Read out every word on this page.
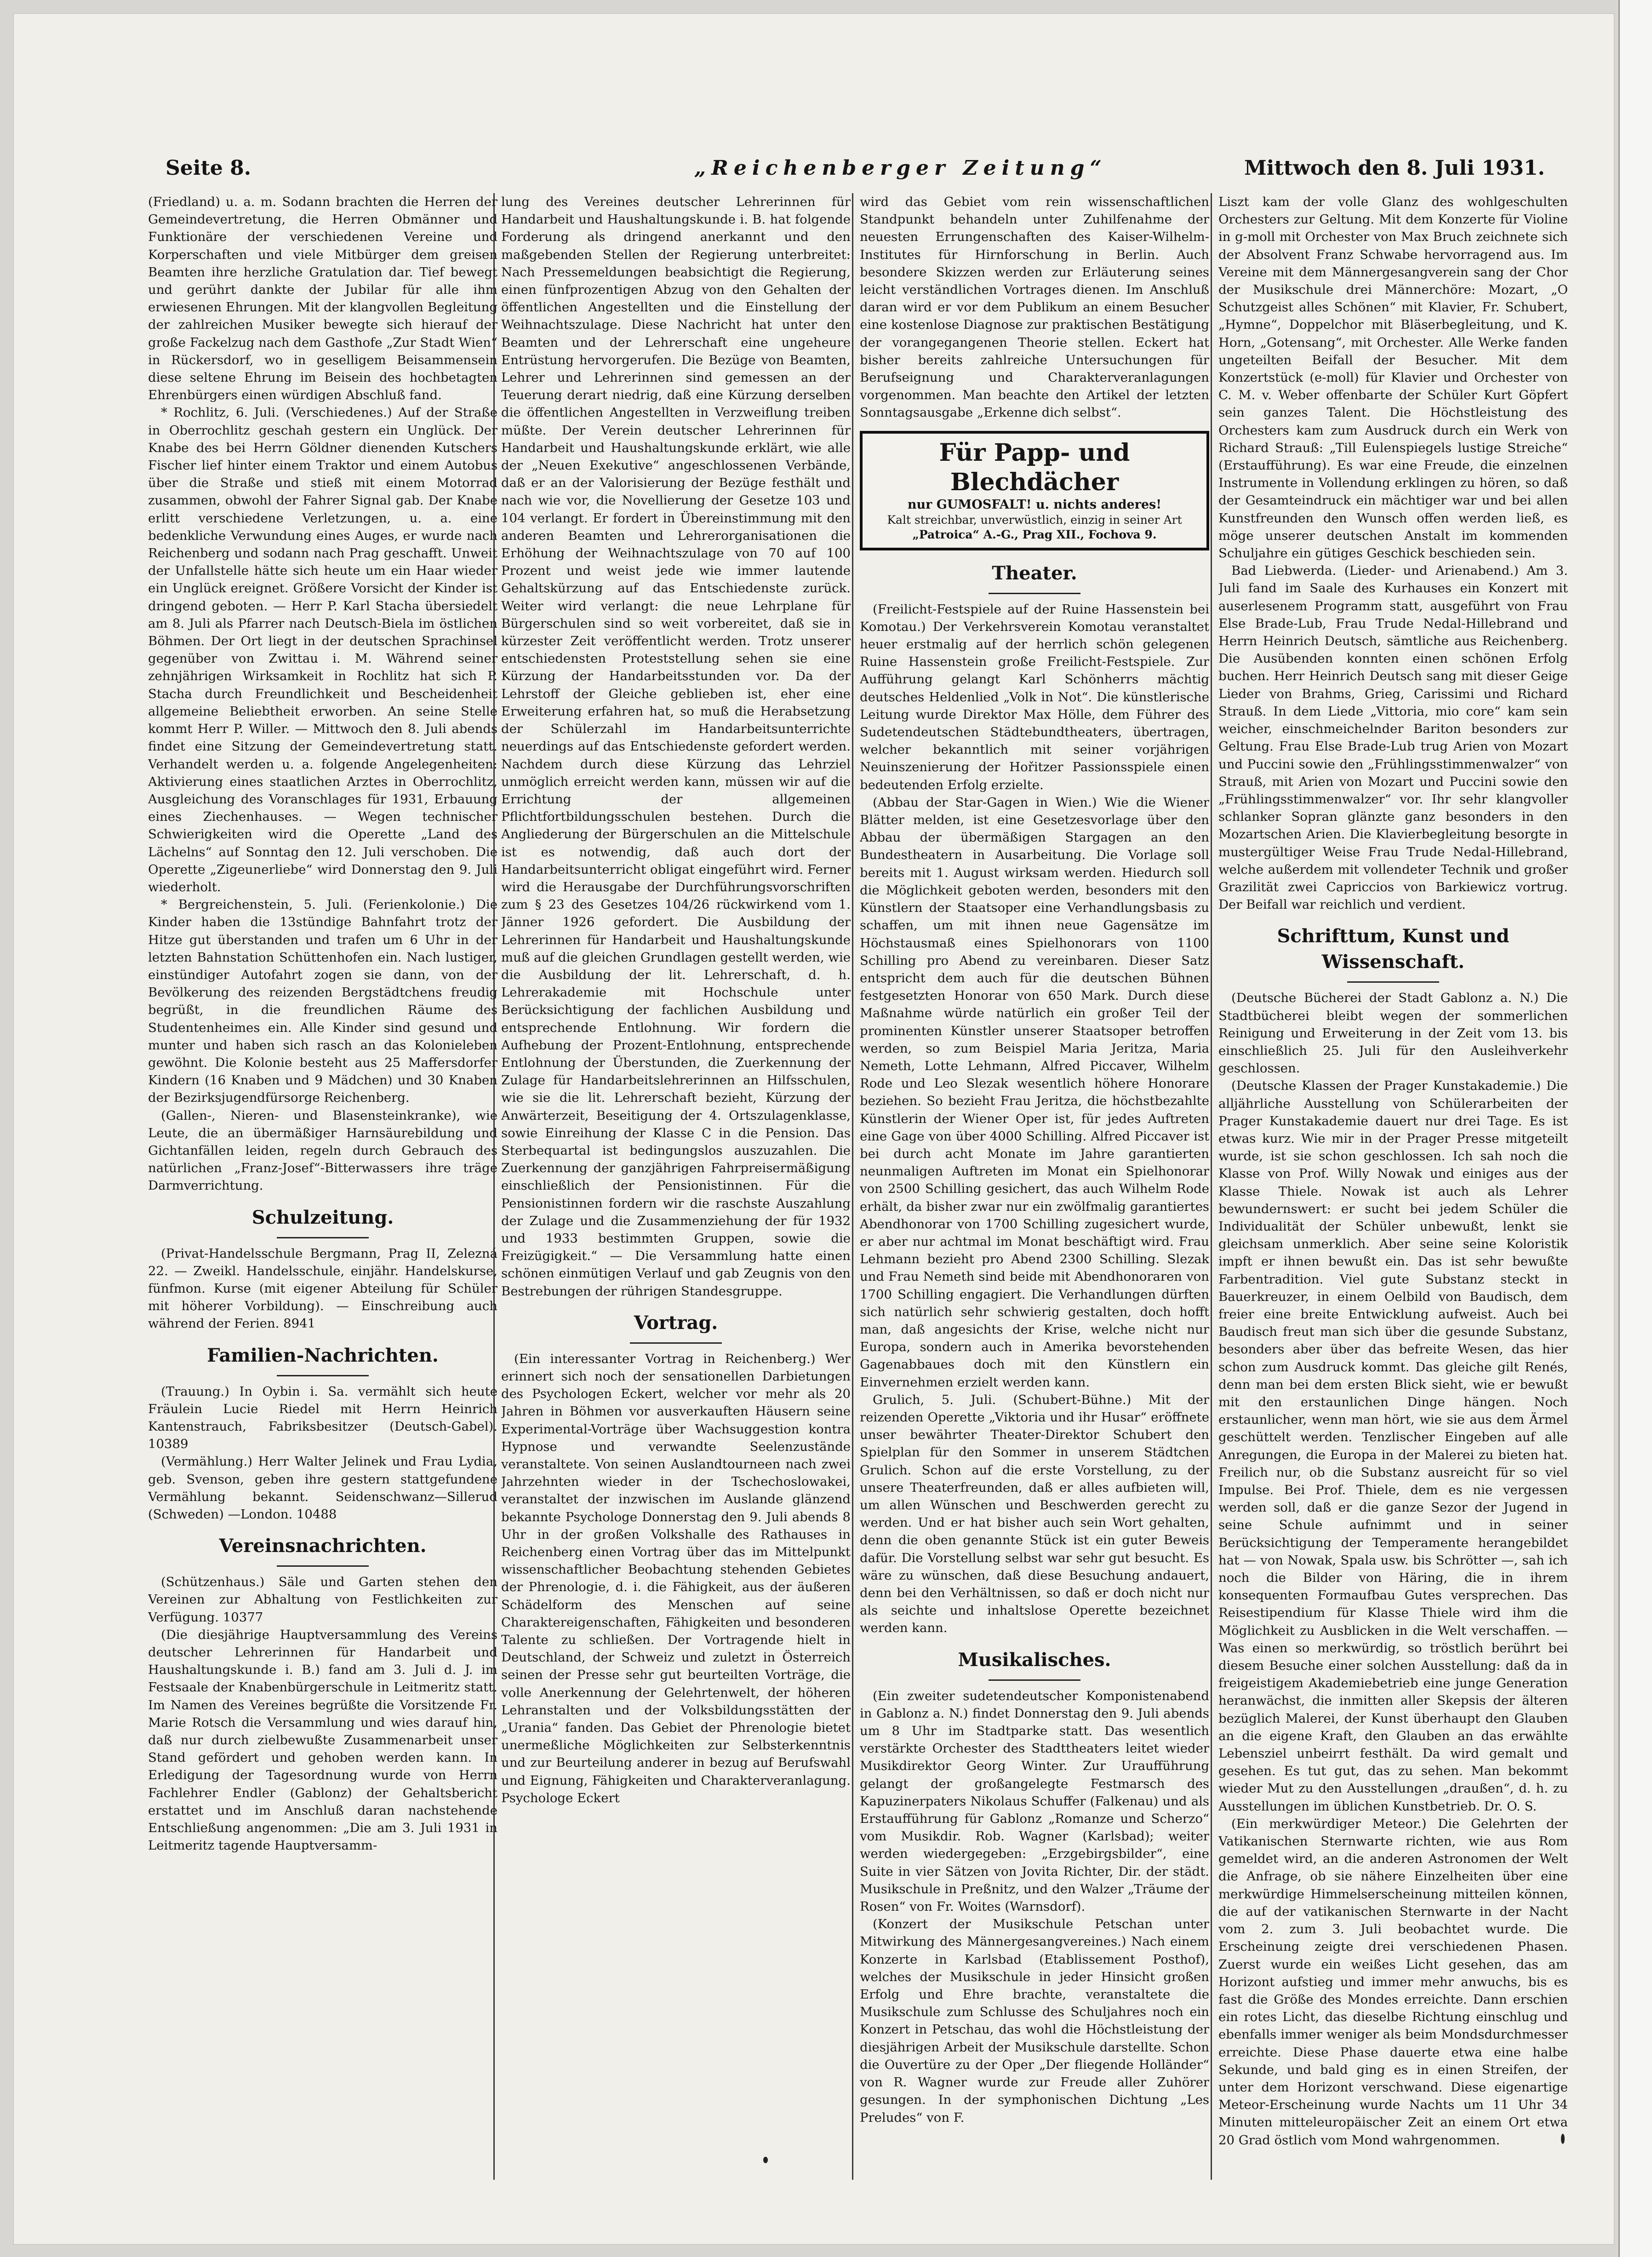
Seite 8.	„Reichenberger Zeitung“	Mittwoch den 8. Juli 1931.

(Friedland) u. a. m. Sodann brachten die Herren der Gemeindevertretung, die Herren Obmänner und Funktionäre der verschiedenen Vereine und Korperschaften und viele Mitbürger dem greisen Beamten ihre herzliche Gratulation dar. Tief bewegt und gerührt dankte der Jubilar für alle ihm erwiesenen Ehrungen. Mit der klangvollen Begleitung der zahlreichen Musiker bewegte sich hierauf der große Fackelzug nach dem Gasthofe „Zur Stadt Wien“ in Rückersdorf, wo in geselligem Beisammensein diese seltene Ehrung im Beisein des hochbetagten Ehrenbürgers einen würdigen Abschluß fand.

* Rochlitz, 6. Juli. (Verschiedenes.) Auf der Straße in Oberrochlitz geschah gestern ein Unglück. Der Knabe des bei Herrn Göldner dienenden Kutschers Fischer lief hinter einem Traktor und einem Autobus über die Straße und stieß mit einem Motorrad zusammen, obwohl der Fahrer Signal gab. Der Knabe erlitt verschiedene Verletzungen, u. a. eine bedenkliche Verwundung eines Auges, er wurde nach Reichenberg und sodann nach Prag geschafft. Unweit der Unfallstelle hätte sich heute um ein Haar wieder ein Unglück ereignet. Größere Vorsicht der Kinder ist dringend geboten. — Herr P. Karl Stacha übersiedelt am 8. Juli als Pfarrer nach Deutsch-Biela im östlichen Böhmen. Der Ort liegt in der deutschen Sprachinsel gegenüber von Zwittau i. M. Während seiner zehnjährigen Wirksamkeit in Rochlitz hat sich P. Stacha durch Freundlichkeit und Bescheidenheit allgemeine Beliebtheit erworben. An seine Stelle kommt Herr P. Willer. — Mittwoch den 8. Juli abends findet eine Sitzung der Gemeindevertretung statt. Verhandelt werden u. a. folgende Angelegenheiten: Aktivierung eines staatlichen Arztes in Oberrochlitz, Ausgleichung des Voranschlages für 1931, Erbauung eines Ziechenhauses. — Wegen technischer Schwierigkeiten wird die Operette „Land des Lächelns“ auf Sonntag den 12. Juli verschoben. Die Operette „Zigeunerliebe“ wird Donnerstag den 9. Juli wiederholt.

* Bergreichenstein, 5. Juli. (Ferienkolonie.) Die Kinder haben die 13stündige Bahnfahrt trotz der Hitze gut überstanden und trafen um 6 Uhr in der letzten Bahnstation Schüttenhofen ein. Nach lustiger, einstündiger Autofahrt zogen sie dann, von der Bevölkerung des reizenden Bergstädtchens freudig begrüßt, in die freundlichen Räume des Studentenheimes ein. Alle Kinder sind gesund und munter und haben sich rasch an das Kolonieleben gewöhnt. Die Kolonie besteht aus 25 Maffersdorfer Kindern (16 Knaben und 9 Mädchen) und 30 Knaben der Bezirksjugendfürsorge Reichenberg.

(Gallen-, Nieren- und Blasensteinkranke), wie Leute, die an übermäßiger Harnsäurebildung und Gichtanfällen leiden, regeln durch Gebrauch des natürlichen „Franz-Josef“-Bitterwassers ihre träge Darmverrichtung.

Schulzeitung.

(Privat-Handelsschule Bergmann, Prag II, Zelezná 22. — Zweikl. Handelsschule, einjähr. Handelskurse, fünfmon. Kurse (mit eigener Abteilung für Schüler mit höherer Vorbildung). — Einschreibung auch während der Ferien. 8941

Familien-Nachrichten.

(Trauung.) In Oybin i. Sa. vermählt sich heute Fräulein Lucie Riedel mit Herrn Heinrich Kantenstrauch, Fabriksbesitzer (Deutsch-Gabel). 10389

(Vermählung.) Herr Walter Jelinek und Frau Lydia, geb. Svenson, geben ihre gestern stattgefundene Vermählung bekannt. Seidenschwanz—Sillerud (Schweden) —London. 10488

Vereinsnachrichten.

(Schützenhaus.) Säle und Garten stehen den Vereinen zur Abhaltung von Festlichkeiten zur Verfügung. 10377

(Die diesjährige Hauptversammlung des Vereins deutscher Lehrerinnen für Handarbeit und Haushaltungskunde i. B.) fand am 3. Juli d. J. im Festsaale der Knabenbürgerschule in Leitmeritz statt. Im Namen des Vereines begrüßte die Vorsitzende Fr. Marie Rotsch die Versammlung und wies darauf hin, daß nur durch zielbewußte Zusammenarbeit unser Stand gefördert und gehoben werden kann. In Erledigung der Tagesordnung wurde von Herrn Fachlehrer Endler (Gablonz) der Gehaltsbericht erstattet und im Anschluß daran nachstehende Entschließung angenommen: „Die am 3. Juli 1931 in Leitmeritz tagende Hauptversamm-

lung des Vereines deutscher Lehrerinnen für Handarbeit und Haushaltungskunde i. B. hat folgende Forderung als dringend anerkannt und den maßgebenden Stellen der Regierung unterbreitet: Nach Pressemeldungen beabsichtigt die Regierung, einen fünfprozentigen Abzug von den Gehalten der öffentlichen Angestellten und die Einstellung der Weihnachtszulage. Diese Nachricht hat unter den Beamten und der Lehrerschaft eine ungeheure Entrüstung hervorgerufen. Die Bezüge von Beamten, Lehrer und Lehrerinnen sind gemessen an der Teuerung derart niedrig, daß eine Kürzung derselben die öffentlichen Angestellten in Verzweiflung treiben müßte. Der Verein deutscher Lehrerinnen für Handarbeit und Haushaltungskunde erklärt, wie alle der „Neuen Exekutive“ angeschlossenen Verbände, daß er an der Valorisierung der Bezüge festhält und nach wie vor, die Novellierung der Gesetze 103 und 104 verlangt. Er fordert in Übereinstimmung mit den anderen Beamten und Lehrerorganisationen die Erhöhung der Weihnachtszulage von 70 auf 100 Prozent und weist jede wie immer lautende Gehaltskürzung auf das Entschiedenste zurück. Weiter wird verlangt: die neue Lehrplane für Bürgerschulen sind so weit vorbereitet, daß sie in kürzester Zeit veröffentlicht werden. Trotz unserer entschiedensten Proteststellung sehen sie eine Kürzung der Handarbeitsstunden vor. Da der Lehrstoff der Gleiche geblieben ist, eher eine Erweiterung erfahren hat, so muß die Herabsetzung der Schülerzahl im Handarbeitsunterrichte neuerdings auf das Entschiedenste gefordert werden. Nachdem durch diese Kürzung das Lehrziel unmöglich erreicht werden kann, müssen wir auf die Errichtung der allgemeinen Pflichtfortbildungsschulen bestehen. Durch die Angliederung der Bürgerschulen an die Mittelschule ist es notwendig, daß auch dort der Handarbeitsunterricht obligat eingeführt wird. Ferner wird die Herausgabe der Durchführungsvorschriften zum § 23 des Gesetzes 104/26 rückwirkend vom 1. Jänner 1926 gefordert. Die Ausbildung der Lehrerinnen für Handarbeit und Haushaltungskunde muß auf die gleichen Grundlagen gestellt werden, wie die Ausbildung der lit. Lehrerschaft, d. h. Lehrerakademie mit Hochschule unter Berücksichtigung der fachlichen Ausbildung und entsprechende Entlohnung. Wir fordern die Aufhebung der Prozent-Entlohnung, entsprechende Entlohnung der Überstunden, die Zuerkennung der Zulage für Handarbeitslehrerinnen an Hilfsschulen, wie sie die lit. Lehrerschaft bezieht, Kürzung der Anwärterzeit, Beseitigung der 4. Ortszulagenklasse, sowie Einreihung der Klasse C in die Pension. Das Sterbequartal ist bedingungslos auszuzahlen. Die Zuerkennung der ganzjährigen Fahrpreisermäßigung einschließlich der Pensionistinnen. Für die Pensionistinnen fordern wir die raschste Auszahlung der Zulage und die Zusammenziehung der für 1932 und 1933 bestimmten Gruppen, sowie die Freizügigkeit.“ — Die Versammlung hatte einen schönen einmütigen Verlauf und gab Zeugnis von den Bestrebungen der rührigen Standesgruppe.

Vortrag.

(Ein interessanter Vortrag in Reichenberg.) Wer erinnert sich noch der sensationellen Darbietungen des Psychologen Eckert, welcher vor mehr als 20 Jahren in Böhmen vor ausverkauften Häusern seine Experimental-Vorträge über Wachsuggestion kontra Hypnose und verwandte Seelenzustände veranstaltete. Von seinen Auslandtourneen nach zwei Jahrzehnten wieder in der Tschechoslowakei, veranstaltet der inzwischen im Auslande glänzend bekannte Psychologe Donnerstag den 9. Juli abends 8 Uhr in der großen Volkshalle des Rathauses in Reichenberg einen Vortrag über das im Mittelpunkt wissenschaftlicher Beobachtung stehenden Gebietes der Phrenologie, d. i. die Fähigkeit, aus der äußeren Schädelform des Menschen auf seine Charaktereigenschaften, Fähigkeiten und besonderen Talente zu schließen. Der Vortragende hielt in Deutschland, der Schweiz und zuletzt in Österreich seinen der Presse sehr gut beurteilten Vorträge, die volle Anerkennung der Gelehrtenwelt, der höheren Lehranstalten und der Volksbildungsstätten der „Urania“ fanden. Das Gebiet der Phrenologie bietet unermeßliche Möglichkeiten zur Selbsterkenntnis und zur Beurteilung anderer in bezug auf Berufswahl und Eignung, Fähigkeiten und Charakterveranlagung. Psychologe Eckert

wird das Gebiet vom rein wissenschaftlichen Standpunkt behandeln unter Zuhilfenahme der neuesten Errungenschaften des Kaiser-Wilhelm-Institutes für Hirnforschung in Berlin. Auch besondere Skizzen werden zur Erläuterung seines leicht verständlichen Vortrages dienen. Im Anschluß daran wird er vor dem Publikum an einem Besucher eine kostenlose Diagnose zur praktischen Bestätigung der vorangegangenen Theorie stellen. Eckert hat bisher bereits zahlreiche Untersuchungen für Berufseignung und Charakterveranlagungen vorgenommen. Man beachte den Artikel der letzten Sonntagsausgabe „Erkenne dich selbst“.

Für Papp- und Blechdächer
nur GUMOSFALT! u. nichts anderes!
Kalt streichbar, unverwüstlich, einzig in seiner Art
„Patroica“ A.-G., Prag XII., Fochova 9.
Theater.

(Freilicht-Festspiele auf der Ruine Hassenstein bei Komotau.) Der Verkehrsverein Komotau veranstaltet heuer erstmalig auf der herrlich schön gelegenen Ruine Hassenstein große Freilicht-Festspiele. Zur Aufführung gelangt Karl Schönherrs mächtig deutsches Heldenlied „Volk in Not“. Die künstlerische Leitung wurde Direktor Max Hölle, dem Führer des Sudetendeutschen Städtebundtheaters, übertragen, welcher bekanntlich mit seiner vorjährigen Neuinszenierung der Hořitzer Passionsspiele einen bedeutenden Erfolg erzielte.

(Abbau der Star-Gagen in Wien.) Wie die Wiener Blätter melden, ist eine Gesetzesvorlage über den Abbau der übermäßigen Stargagen an den Bundestheatern in Ausarbeitung. Die Vorlage soll bereits mit 1. August wirksam werden. Hiedurch soll die Möglichkeit geboten werden, besonders mit den Künstlern der Staatsoper eine Verhandlungsbasis zu schaffen, um mit ihnen neue Gagensätze im Höchstausmaß eines Spielhonorars von 1100 Schilling pro Abend zu vereinbaren. Dieser Satz entspricht dem auch für die deutschen Bühnen festgesetzten Honorar von 650 Mark. Durch diese Maßnahme würde natürlich ein großer Teil der prominenten Künstler unserer Staatsoper betroffen werden, so zum Beispiel Maria Jeritza, Maria Nemeth, Lotte Lehmann, Alfred Piccaver, Wilhelm Rode und Leo Slezak wesentlich höhere Honorare beziehen. So bezieht Frau Jeritza, die höchstbezahlte Künstlerin der Wiener Oper ist, für jedes Auftreten eine Gage von über 4000 Schilling. Alfred Piccaver ist bei durch acht Monate im Jahre garantierten neunmaligen Auftreten im Monat ein Spielhonorar von 2500 Schilling gesichert, das auch Wilhelm Rode erhält, da bisher zwar nur ein zwölfmalig garantiertes Abendhonorar von 1700 Schilling zugesichert wurde, er aber nur achtmal im Monat beschäftigt wird. Frau Lehmann bezieht pro Abend 2300 Schilling. Slezak und Frau Nemeth sind beide mit Abendhonoraren von 1700 Schilling engagiert. Die Verhandlungen dürften sich natürlich sehr schwierig gestalten, doch hofft man, daß angesichts der Krise, welche nicht nur Europa, sondern auch in Amerika bevorstehenden Gagenabbaues doch mit den Künstlern ein Einvernehmen erzielt werden kann.

Grulich, 5. Juli. (Schubert-Bühne.) Mit der reizenden Operette „Viktoria und ihr Husar“ eröffnete unser bewährter Theater-Direktor Schubert den Spielplan für den Sommer in unserem Städtchen Grulich. Schon auf die erste Vorstellung, zu der unsere Theaterfreunden, daß er alles aufbieten will, um allen Wünschen und Beschwerden gerecht zu werden. Und er hat bisher auch sein Wort gehalten, denn die oben genannte Stück ist ein guter Beweis dafür. Die Vorstellung selbst war sehr gut besucht. Es wäre zu wünschen, daß diese Besuchung andauert, denn bei den Verhältnissen, so daß er doch nicht nur als seichte und inhaltslose Operette bezeichnet werden kann.

Musikalisches.

(Ein zweiter sudetendeutscher Komponistenabend in Gablonz a. N.) findet Donnerstag den 9. Juli abends um 8 Uhr im Stadtparke statt. Das wesentlich verstärkte Orchester des Stadttheaters leitet wieder Musikdirektor Georg Winter. Zur Uraufführung gelangt der großangelegte Festmarsch des Kapuzinerpaters Nikolaus Schuffer (Falkenau) und als Erstaufführung für Gablonz „Romanze und Scherzo“ vom Musikdir. Rob. Wagner (Karlsbad); weiter werden wiedergegeben: „Erzgebirgsbilder“, eine Suite in vier Sätzen von Jovita Richter, Dir. der städt. Musikschule in Preßnitz, und den Walzer „Träume der Rosen“ von Fr. Woites (Warnsdorf).

(Konzert der Musikschule Petschan unter Mitwirkung des Männergesangvereines.) Nach einem Konzerte in Karlsbad (Etablissement Posthof), welches der Musikschule in jeder Hinsicht großen Erfolg und Ehre brachte, veranstaltete die Musikschule zum Schlusse des Schuljahres noch ein Konzert in Petschau, das wohl die Höchstleistung der diesjährigen Arbeit der Musikschule darstellte. Schon die Ouvertüre zu der Oper „Der fliegende Holländer“ von R. Wagner wurde zur Freude aller Zuhörer gesungen. In der symphonischen Dichtung „Les Preludes“ von F.

Liszt kam der volle Glanz des wohlgeschulten Orchesters zur Geltung. Mit dem Konzerte für Violine in g-moll mit Orchester von Max Bruch zeichnete sich der Absolvent Franz Schwabe hervorragend aus. Im Vereine mit dem Männergesangverein sang der Chor der Musikschule drei Männerchöre: Mozart, „O Schutzgeist alles Schönen“ mit Klavier, Fr. Schubert, „Hymne“, Doppelchor mit Bläserbegleitung, und K. Horn, „Gotensang“, mit Orchester. Alle Werke fanden ungeteilten Beifall der Besucher. Mit dem Konzertstück (e-moll) für Klavier und Orchester von C. M. v. Weber offenbarte der Schüler Kurt Göpfert sein ganzes Talent. Die Höchstleistung des Orchesters kam zum Ausdruck durch ein Werk von Richard Strauß: „Till Eulenspiegels lustige Streiche“ (Erstaufführung). Es war eine Freude, die einzelnen Instrumente in Vollendung erklingen zu hören, so daß der Gesamteindruck ein mächtiger war und bei allen Kunstfreunden den Wunsch offen werden ließ, es möge unserer deutschen Anstalt im kommenden Schuljahre ein gütiges Geschick beschieden sein.

Bad Liebwerda. (Lieder- und Arienabend.) Am 3. Juli fand im Saale des Kurhauses ein Konzert mit auserlesenem Programm statt, ausgeführt von Frau Else Brade-Lub, Frau Trude Nedal-Hillebrand und Herrn Heinrich Deutsch, sämtliche aus Reichenberg. Die Ausübenden konnten einen schönen Erfolg buchen. Herr Heinrich Deutsch sang mit dieser Geige Lieder von Brahms, Grieg, Carissimi und Richard Strauß. In dem Liede „Vittoria, mio core“ kam sein weicher, einschmeichelnder Bariton besonders zur Geltung. Frau Else Brade-Lub trug Arien von Mozart und Puccini sowie den „Frühlingsstimmenwalzer“ von Strauß, mit Arien von Mozart und Puccini sowie den „Frühlingsstimmenwalzer“ vor. Ihr sehr klangvoller schlanker Sopran glänzte ganz besonders in den Mozartschen Arien. Die Klavierbegleitung besorgte in mustergültiger Weise Frau Trude Nedal-Hillebrand, welche außerdem mit vollendeter Technik und großer Grazilität zwei Capriccios von Barkiewicz vortrug. Der Beifall war reichlich und verdient.

Schrifttum, Kunst und Wissenschaft.

(Deutsche Bücherei der Stadt Gablonz a. N.) Die Stadtbücherei bleibt wegen der sommerlichen Reinigung und Erweiterung in der Zeit vom 13. bis einschließlich 25. Juli für den Ausleihverkehr geschlossen.

(Deutsche Klassen der Prager Kunstakademie.) Die alljährliche Ausstellung von Schülerarbeiten der Prager Kunstakademie dauert nur drei Tage. Es ist etwas kurz. Wie mir in der Prager Presse mitgeteilt wurde, ist sie schon geschlossen. Ich sah noch die Klasse von Prof. Willy Nowak und einiges aus der Klasse Thiele. Nowak ist auch als Lehrer bewundernswert: er sucht bei jedem Schüler die Individualität der Schüler unbewußt, lenkt sie gleichsam unmerklich. Aber seine seine Koloristik impft er ihnen bewußt ein. Das ist sehr bewußte Farbentradition. Viel gute Substanz steckt in Bauerkreuzer, in einem Oelbild von Baudisch, dem freier eine breite Entwicklung aufweist. Auch bei Baudisch freut man sich über die gesunde Substanz, besonders aber über das befreite Wesen, das hier schon zum Ausdruck kommt. Das gleiche gilt Renés, denn man bei dem ersten Blick sieht, wie er bewußt mit den erstaunlichen Dinge hängen. Noch erstaunlicher, wenn man hört, wie sie aus dem Ärmel geschüttelt werden. Tenzlischer Eingeben auf alle Anregungen, die Europa in der Malerei zu bieten hat. Freilich nur, ob die Substanz ausreicht für so viel Impulse. Bei Prof. Thiele, dem es nie vergessen werden soll, daß er die ganze Sezor der Jugend in seine Schule aufnimmt und in seiner Berücksichtigung der Temperamente herangebildet hat — von Nowak, Spala usw. bis Schrötter —, sah ich noch die Bilder von Häring, die in ihrem konsequenten Formaufbau Gutes versprechen. Das Reisestipendium für Klasse Thiele wird ihm die Möglichkeit zu Ausblicken in die Welt verschaffen. — Was einen so merkwürdig, so tröstlich berührt bei diesem Besuche einer solchen Ausstellung: daß da in freigeistigem Akademiebetrieb eine junge Generation heranwächst, die inmitten aller Skepsis der älteren bezüglich Malerei, der Kunst überhaupt den Glauben an die eigene Kraft, den Glauben an das erwählte Lebensziel unbeirrt festhält. Da wird gemalt und gesehen. Es tut gut, das zu sehen. Man bekommt wieder Mut zu den Ausstellungen „draußen“, d. h. zu Ausstellungen im üblichen Kunstbetrieb. Dr. O. S.

(Ein merkwürdiger Meteor.) Die Gelehrten der Vatikanischen Sternwarte richten, wie aus Rom gemeldet wird, an die anderen Astronomen der Welt die Anfrage, ob sie nähere Einzelheiten über eine merkwürdige Himmelserscheinung mitteilen können, die auf der vatikanischen Sternwarte in der Nacht vom 2. zum 3. Juli beobachtet wurde. Die Erscheinung zeigte drei verschiedenen Phasen. Zuerst wurde ein weißes Licht gesehen, das am Horizont aufstieg und immer mehr anwuchs, bis es fast die Größe des Mondes erreichte. Dann erschien ein rotes Licht, das dieselbe Richtung einschlug und ebenfalls immer weniger als beim Mondsdurchmesser erreichte. Diese Phase dauerte etwa eine halbe Sekunde, und bald ging es in einen Streifen, der unter dem Horizont verschwand. Diese eigenartige Meteor-Erscheinung wurde Nachts um 11 Uhr 34 Minuten mitteleuropäischer Zeit an einem Ort etwa 20 Grad östlich vom Mond wahrgenommen.
